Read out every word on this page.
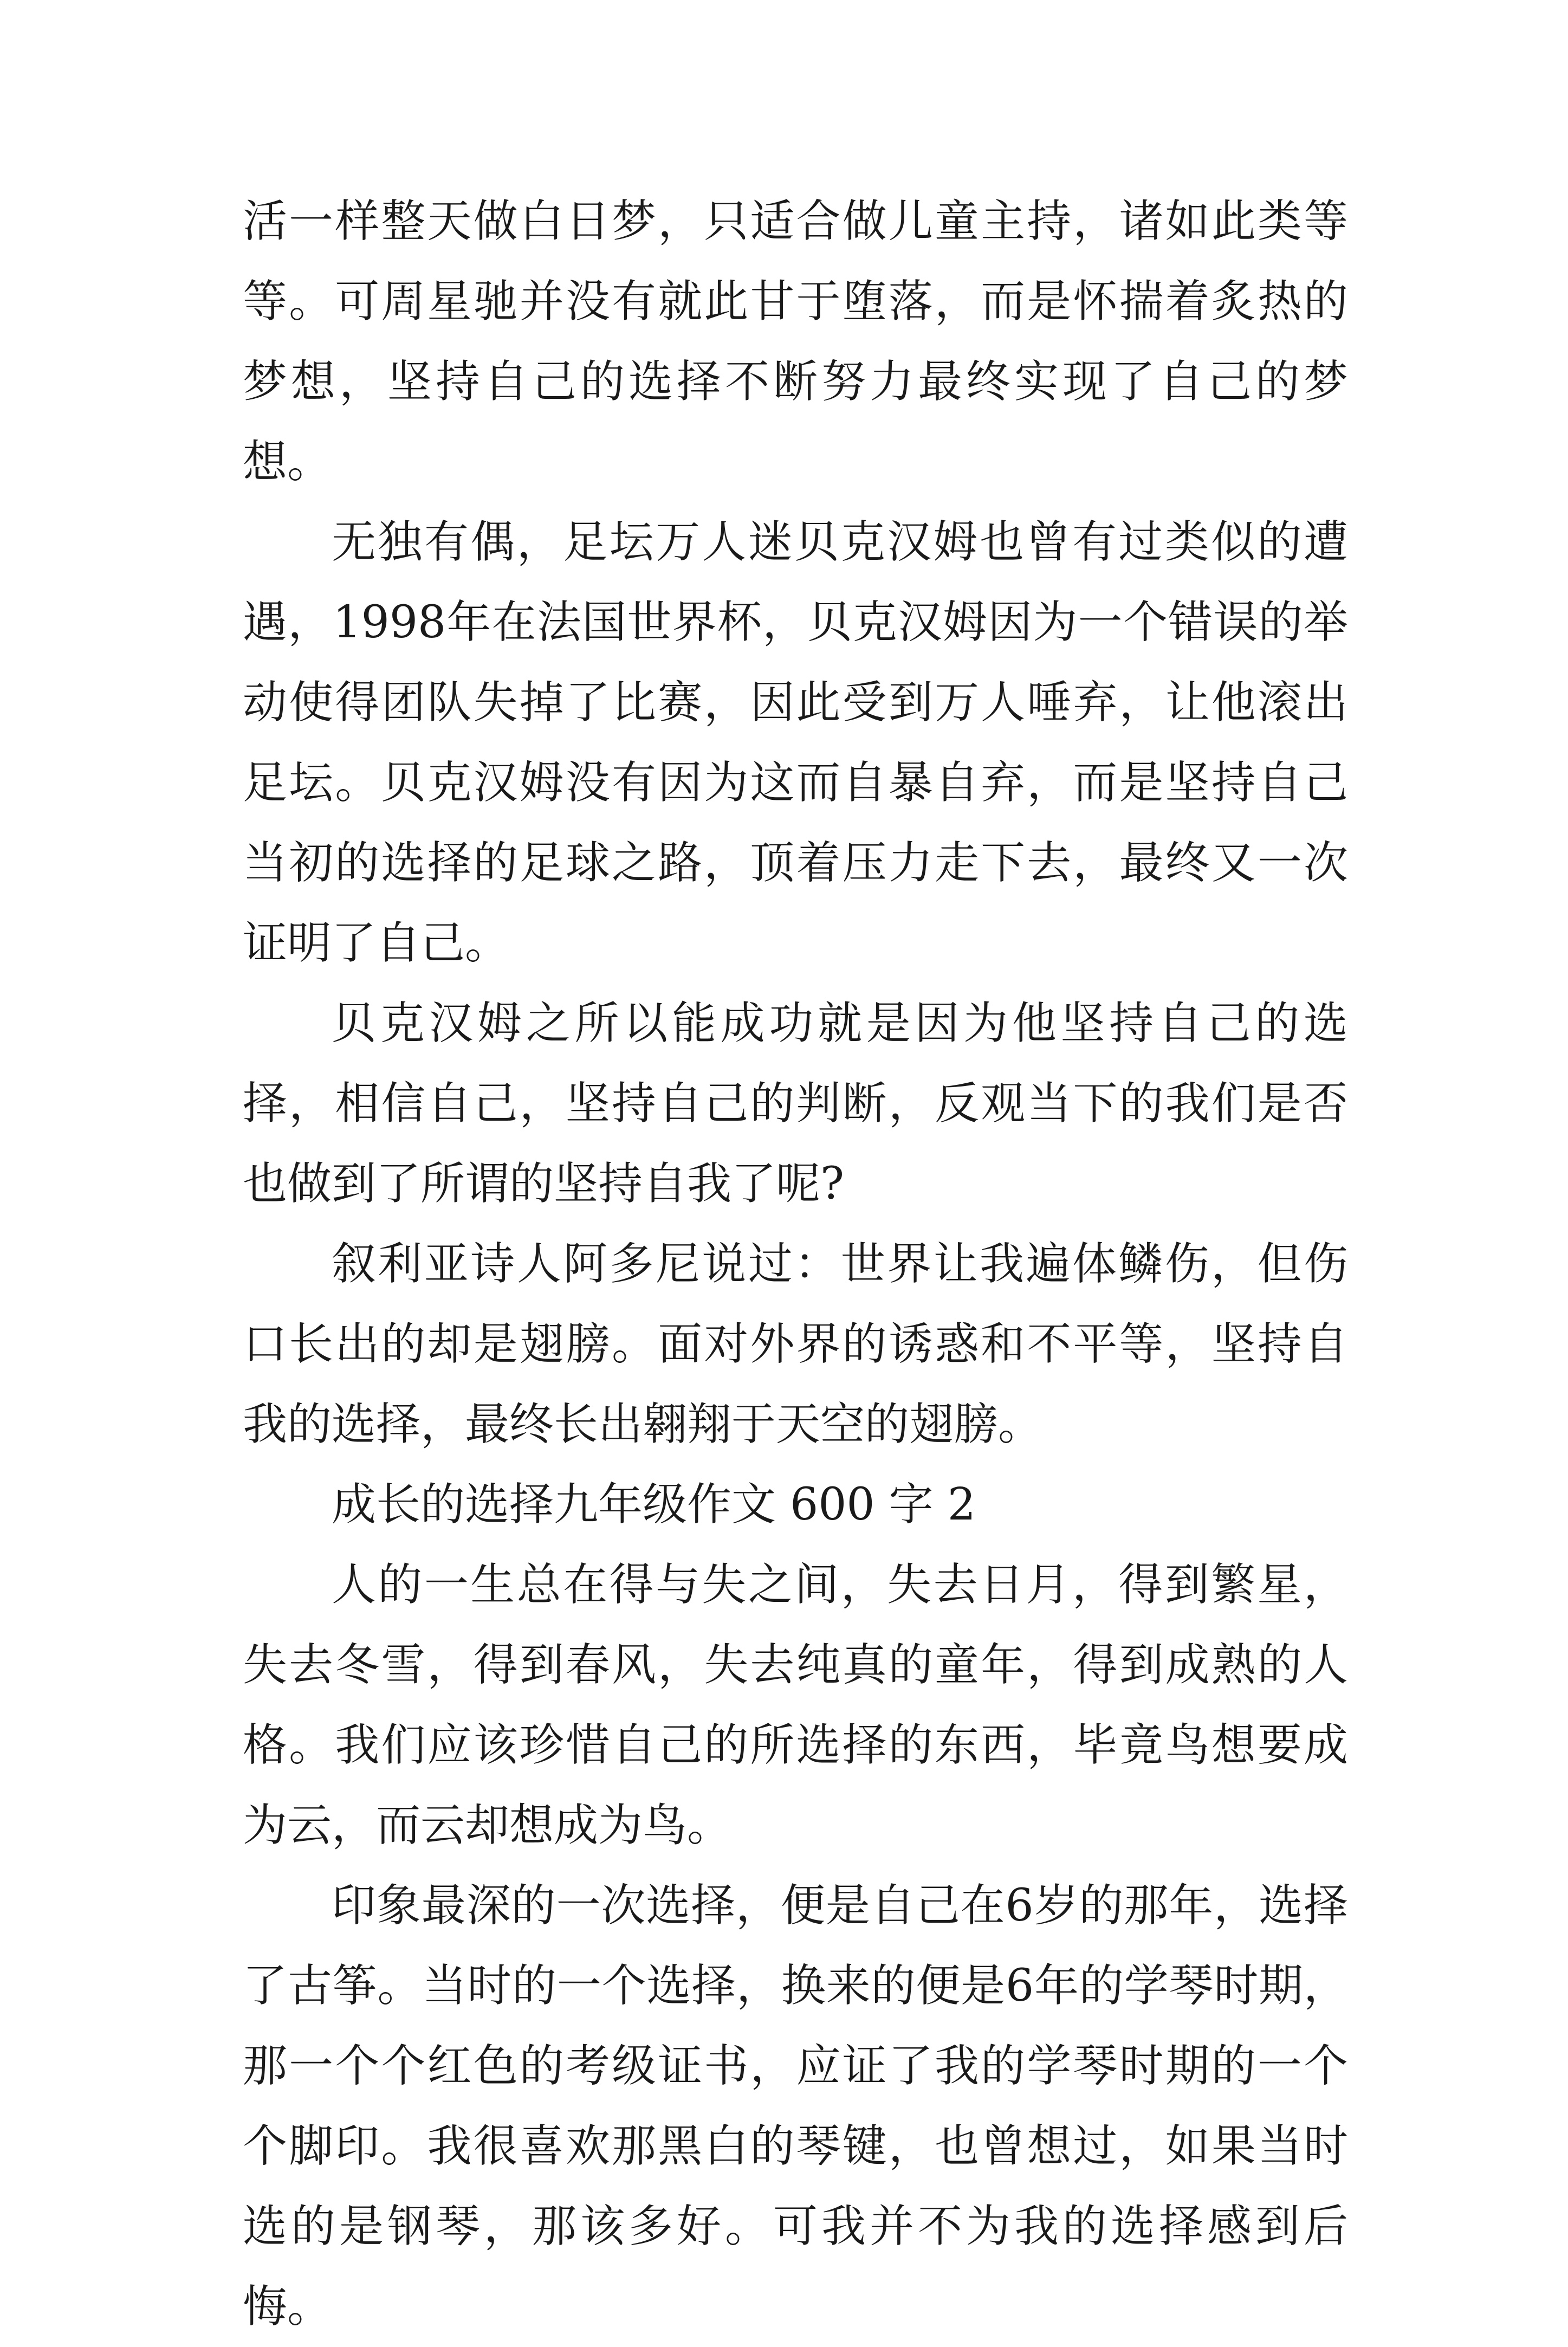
活一样整天做白日梦，只适合做儿童主持，诸如此类等等。可周星驰并没有就此甘于堕落，而是怀揣着炙热的梦想，坚持自己的选择不断努力最终实现了自己的梦想。

无独有偶，足坛万人迷贝克汉姆也曾有过类似的遭遇，1998年在法国世界杯，贝克汉姆因为一个错误的举动使得团队失掉了比赛，因此受到万人唾弃，让他滚出足坛。贝克汉姆没有因为这而自暴自弃，而是坚持自己当初的选择的足球之路，顶着压力走下去，最终又一次证明了自己。

贝克汉姆之所以能成功就是因为他坚持自己的选择，相信自己，坚持自己的判断，反观当下的我们是否也做到了所谓的坚持自我了呢?

叙利亚诗人阿多尼说过：世界让我遍体鳞伤，但伤口长出的却是翅膀。面对外界的诱惑和不平等，坚持自我的选择，最终长出翱翔于天空的翅膀。

成长的选择九年级作文 600 字 2

人的一生总在得与失之间，失去日月，得到繁星，失去冬雪，得到春风，失去纯真的童年，得到成熟的人格。我们应该珍惜自己的所选择的东西，毕竟鸟想要成为云，而云却想成为鸟。

印象最深的一次选择，便是自己在6岁的那年，选择了古筝。当时的一个选择，换来的便是6年的学琴时期，那一个个红色的考级证书，应证了我的学琴时期的一个个脚印。我很喜欢那黑白的琴键，也曾想过，如果当时选的是钢琴，那该多好。可我并不为我的选择感到后悔。
